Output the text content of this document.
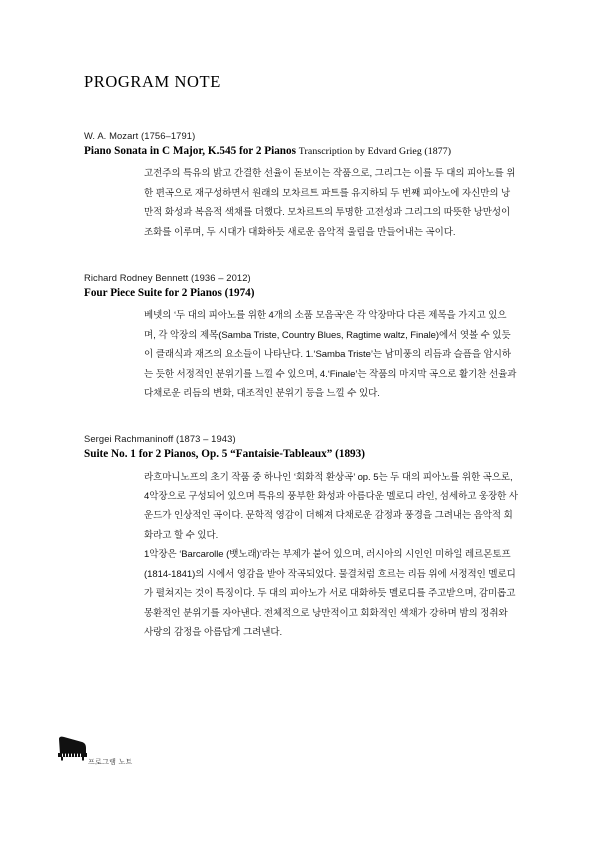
PROGRAM NOTE
W. A. Mozart (1756–1791)
Piano Sonata in C Major, K.545 for 2 Pianos Transcription by Edvard Grieg (1877)

고전주의 특유의 밝고 간결한 선율이 돋보이는 작품으로, 그리그는 이를 두 대의 피아노를 위한 편곡으로 재구성하면서 원래의 모차르트 파트를 유지하되 두 번째 피아노에 자신만의 낭만적 화성과 복음적 색채를 더했다. 모차르트의 투명한 고전성과 그리그의 따뜻한 낭만성이 조화를 이루며, 두 시대가 대화하듯 새로운 음악적 울림을 만들어내는 곡이다.

Richard Rodney Bennett (1936 – 2012)
Four Piece Suite for 2 Pianos (1974)

베넷의 ‘두 대의 피아노를 위한 4개의 소품 모음곡’은 각 악장마다 다른 제목을 가지고 있으며, 각 악장의 제목(Samba Triste, Country Blues, Ragtime waltz, Finale)에서 엿볼 수 있듯이 클래식과 재즈의 요소들이 나타난다. 1.‘Samba Triste’는 남미풍의 리듬과 슬픔을 암시하는 듯한 서정적인 분위기를 느낄 수 있으며, 4.‘Finale’는 작품의 마지막 곡으로 활기찬 선율과 다채로운 리듬의 변화, 대조적인 분위기 등을 느낄 수 있다.

Sergei Rachmaninoff (1873 – 1943)
Suite No. 1 for 2 Pianos, Op. 5 “Fantaisie-Tableaux” (1893)

라흐마니노프의 초기 작품 중 하나인 ‘회화적 환상곡’ op. 5는 두 대의 피아노를 위한 곡으로, 4악장으로 구성되어 있으며 특유의 풍부한 화성과 아름다운 멜로디 라인, 섬세하고 웅장한 사운드가 인상적인 곡이다. 문학적 영감이 더해져 다채로운 감정과 풍경을 그려내는 음악적 회화라고 할 수 있다.

1악장은 ‘Barcarolle (뱃노래)’라는 부제가 붙어 있으며, 러시아의 시인인 미하일 레르몬토프(1814-1841)의 시에서 영감을 받아 작곡되었다. 물결처럼 흐르는 리듬 위에 서정적인 멜로디가 펼쳐지는 것이 특징이다. 두 대의 피아노가 서로 대화하듯 멜로디를 주고받으며, 감미롭고 몽환적인 분위기를 자아낸다. 전체적으로 낭만적이고 회화적인 색채가 강하며 밤의 정취와 사랑의 감정을 아름답게 그려낸다.

프로그램 노트
